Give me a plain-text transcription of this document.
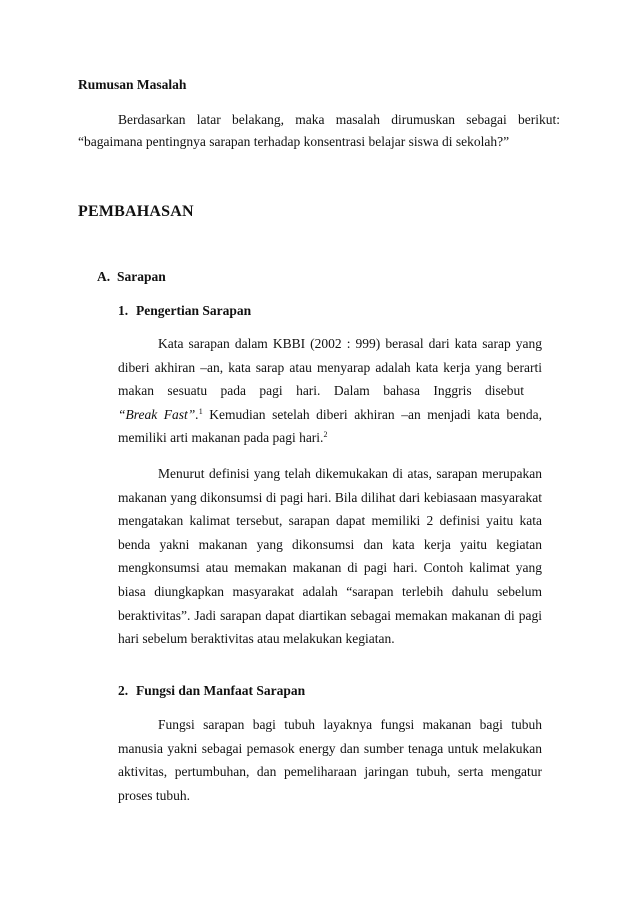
Rumusan Masalah

Berdasarkan latar belakang, maka masalah dirumuskan sebagai berikut: “bagaimana pentingnya sarapan terhadap konsentrasi belajar siswa di sekolah?”

PEMBAHASAN
A. Sarapan
1. Pengertian Sarapan

Kata sarapan dalam KBBI (2002 : 999) berasal dari kata sarap yang diberi akhiran –an, kata sarap atau menyarap adalah kata kerja yang berarti makan sesuatu pada pagi hari. Dalam bahasa Inggris disebut“Break Fast”.$^1$ Kemudian setelah diberi akhiran –an menjadi kata benda, memiliki arti makanan pada pagi hari.$^2$

Menurut definisi yang telah dikemukakan di atas, sarapan merupakan makanan yang dikonsumsi di pagi hari. Bila dilihat dari kebiasaan masyarakat mengatakan kalimat tersebut, sarapan dapat memiliki 2 definisi yaitu kata benda yakni makanan yang dikonsumsi dan kata kerja yaitu kegiatan mengkonsumsi atau memakan makanan di pagi hari. Contoh kalimat yang biasa diungkapkan masyarakat adalah “sarapan terlebih dahulu sebelum beraktivitas”. Jadi sarapan dapat diartikan sebagai memakan makanan di pagi hari sebelum beraktivitas atau melakukan kegiatan.

2. Fungsi dan Manfaat Sarapan

Fungsi sarapan bagi tubuh layaknya fungsi makanan bagi tubuh manusia yakni sebagai pemasok energy dan sumber tenaga untuk melakukan aktivitas, pertumbuhan, dan pemeliharaan jaringan tubuh, serta mengatur proses tubuh.
